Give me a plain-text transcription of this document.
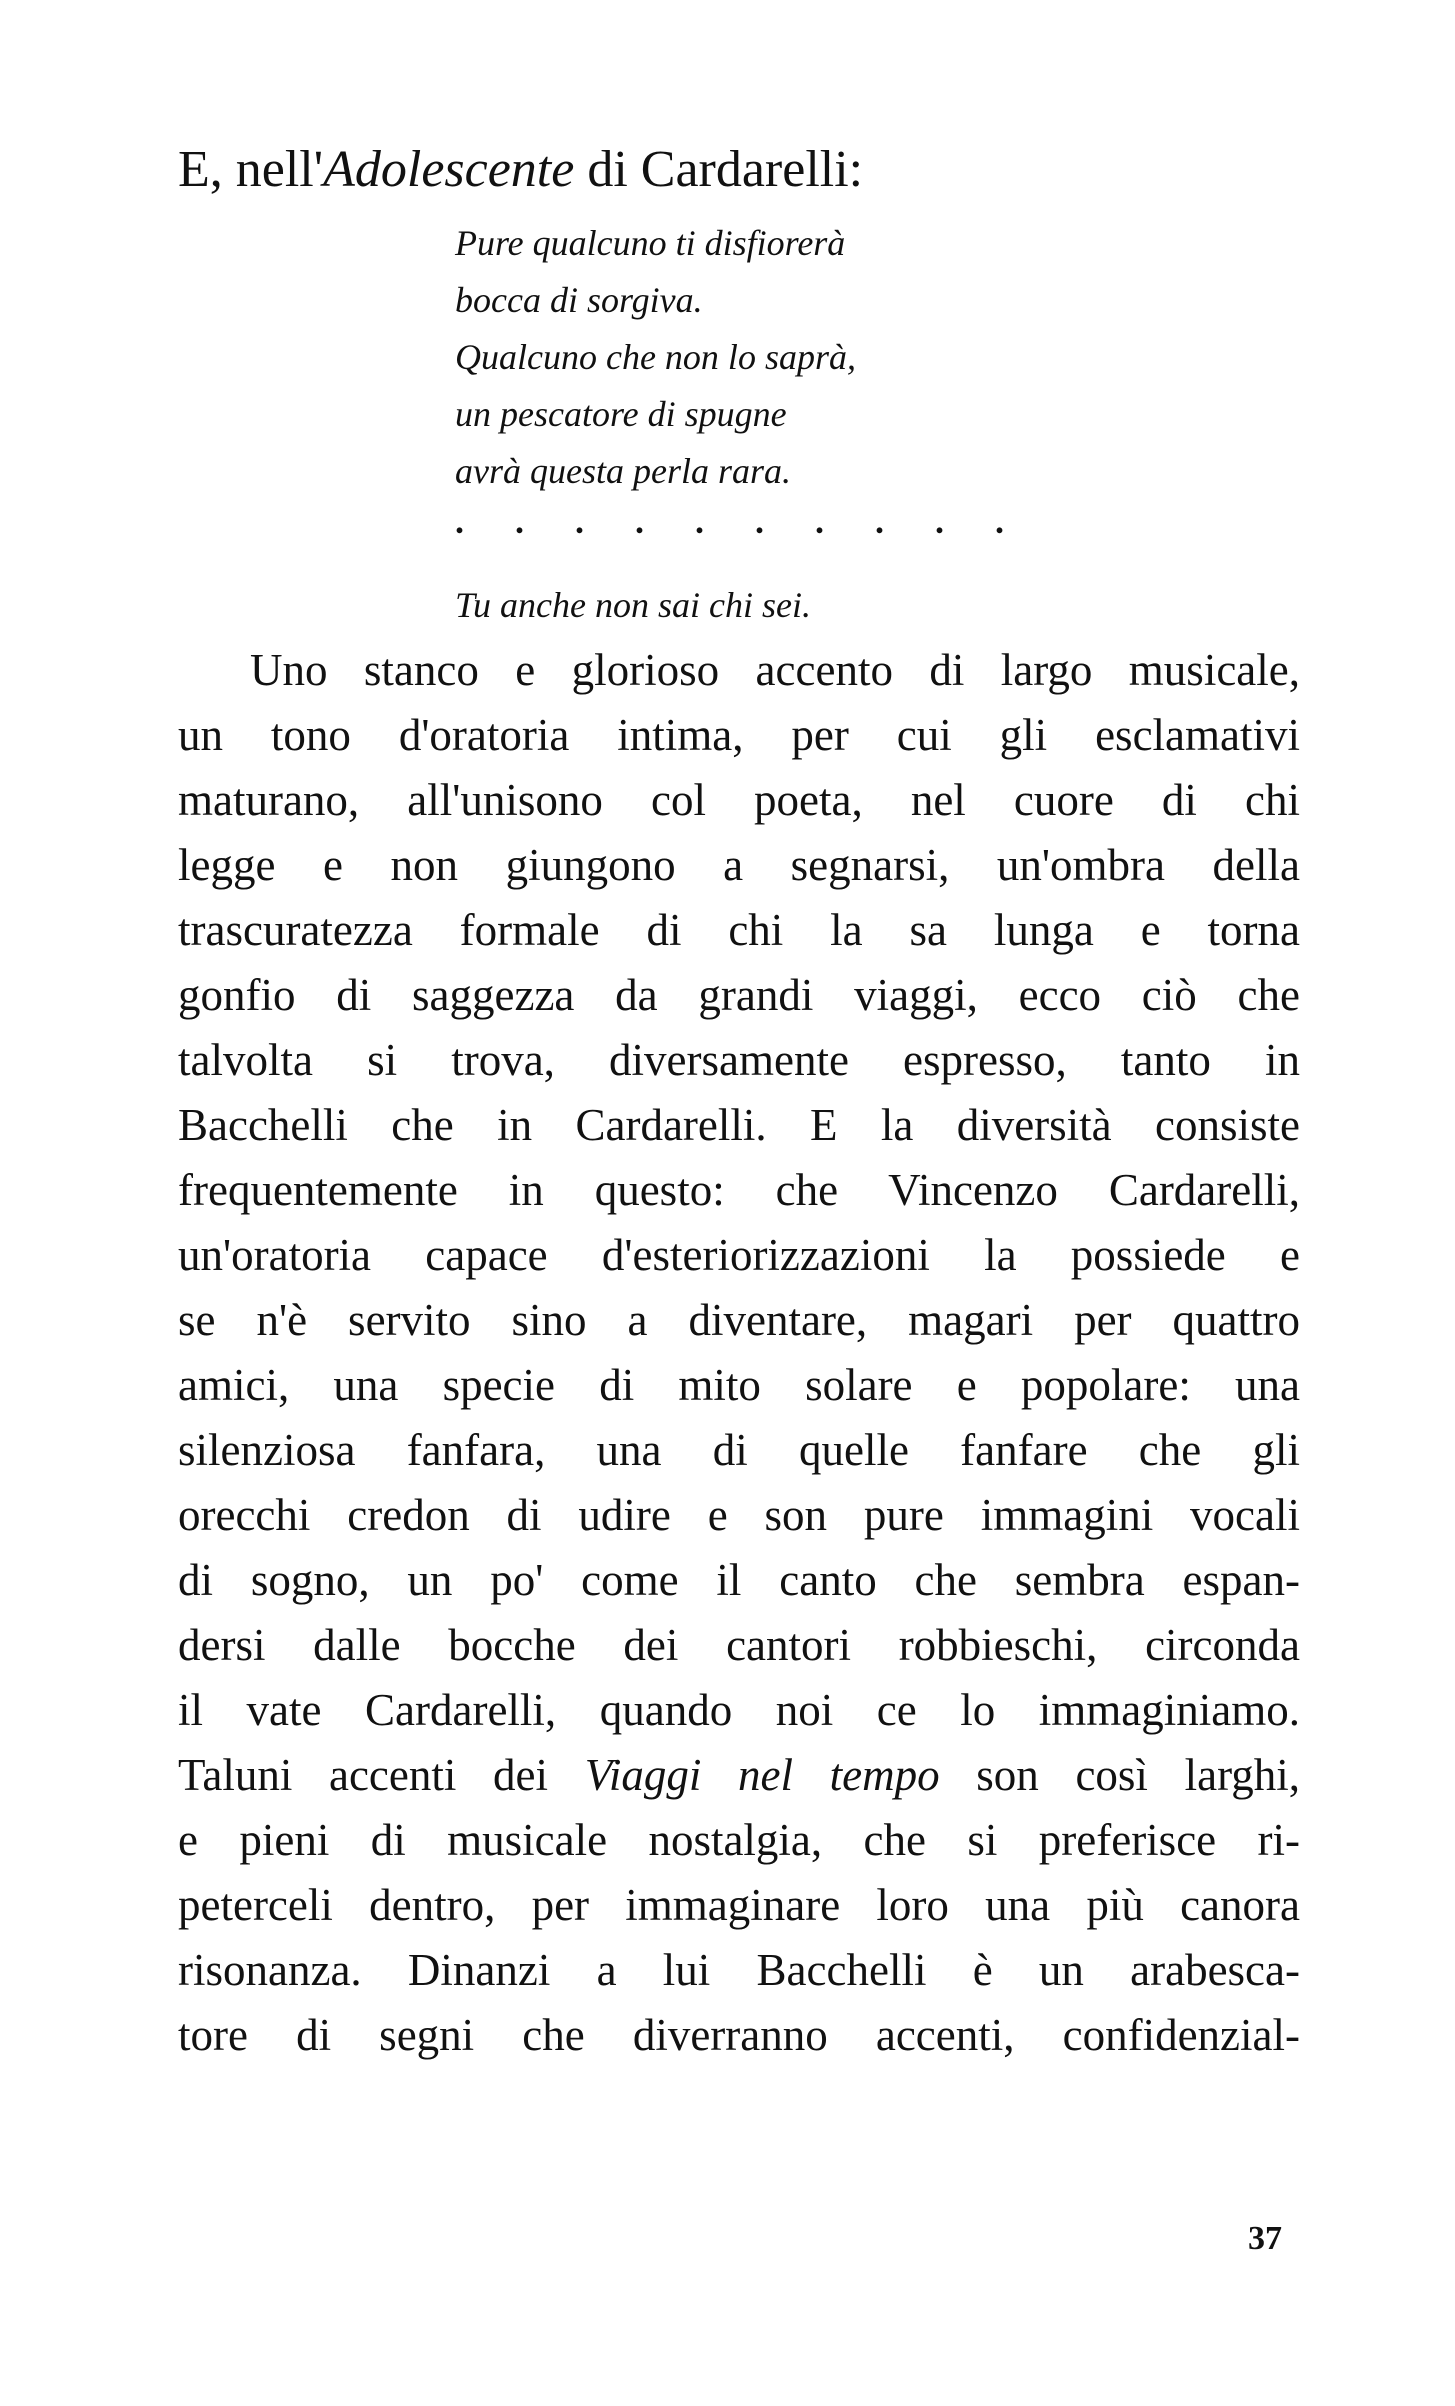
E, nell'Adolescente di Cardarelli:
Pure qualcuno ti disfiorerà
bocca di sorgiva.
Qualcuno che non lo saprà,
un pescatore di spugne
avrà questa perla rara.
. . . . . . . . . .
Tu anche non sai chi sei.
Uno stanco e glorioso accento di largo musicale,
un tono d'oratoria intima, per cui gli esclamativi
maturano, all'unisono col poeta, nel cuore di chi
legge e non giungono a segnarsi, un'ombra della
trascuratezza formale di chi la sa lunga e torna
gonfio di saggezza da grandi viaggi, ecco ciò che
talvolta si trova, diversamente espresso, tanto in
Bacchelli che in Cardarelli. E la diversità consiste
frequentemente in questo: che Vincenzo Cardarelli,
un'oratoria capace d'esteriorizzazioni la possiede e
se n'è servito sino a diventare, magari per quattro
amici, una specie di mito solare e popolare: una
silenziosa fanfara, una di quelle fanfare che gli
orecchi credon di udire e son pure immagini vocali
di sogno, un po' come il canto che sembra espan-
dersi dalle bocche dei cantori robbieschi, circonda
il vate Cardarelli, quando noi ce lo immaginiamo.
Taluni accenti dei Viaggi nel tempo son così larghi,
e pieni di musicale nostalgia, che si preferisce ri-
peterceli dentro, per immaginare loro una più canora
risonanza. Dinanzi a lui Bacchelli è un arabesca-
tore di segni che diverranno accenti, confidenzial-
37
